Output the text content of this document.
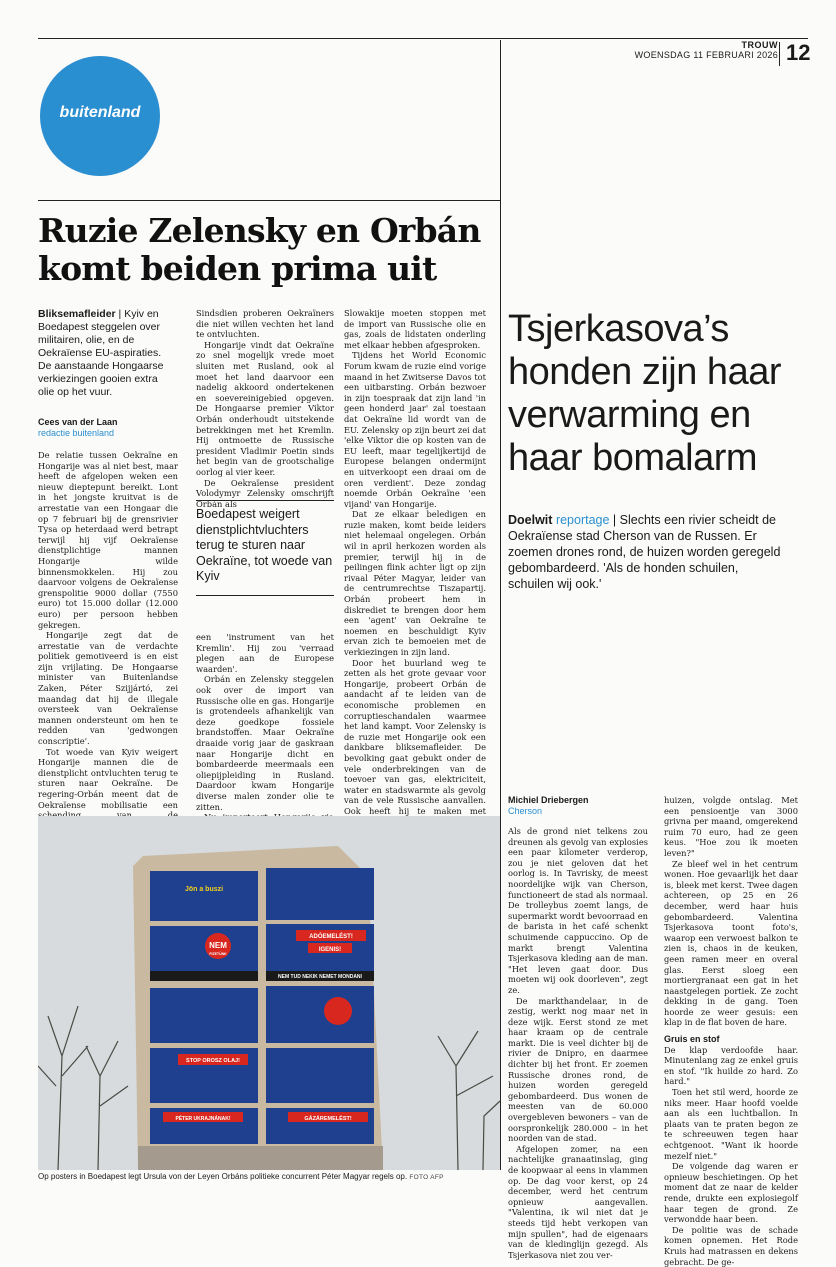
TROUW
WOENSDAG 11 FEBRUARI 2026 12
buitenland
Ruzie Zelensky en Orbán
komt beiden prima uit
Bliksemafleider | Kyiv en Boedapest steggelen over militairen, olie, en de Oekraïense EU-aspiraties. De aanstaande Hongaarse verkiezingen gooien extra olie op het vuur.
Cees van der Laan
redactie buitenland

De relatie tussen Oekraïne en Hongarije was al niet best, maar heeft de afgelopen weken een nieuw dieptepunt bereikt. Lont in het jongste kruitvat is de arrestatie van een Hongaar die op 7 februari bij de grensrivier Tysa op heterdaad werd betrapt terwijl hij vijf Oekraïense dienstplichtige mannen Hongarije wilde binnensmokkelen. Hij zou daarvoor volgens de Oekraïense grenspolitie 9000 dollar (7550 euro) tot 15.000 dollar (12.000 euro) per persoon hebben gekregen.

Hongarije zegt dat de arrestatie van de verdachte politiek gemotiveerd is en eist zijn vrijlating. De Hongaarse minister van Buitenlandse Zaken, Péter Szijjártó, zei maandag dat hij de illegale oversteek van Oekraïense mannen ondersteunt om hen te redden van 'gedwongen conscriptie'.

Tot woede van Kyiv weigert Hongarije mannen die de dienstplicht ontvluchten terug te sturen naar Oekraïne. De regering-Orbán meent dat de Oekraïense mobilisatie een

Sindsdien proberen Oekraïners die niet willen vechten het land te ontvluchten.

Hongarije vindt dat Oekraïne zo snel mogelijk vrede moet sluiten met Rusland, ook al moet het land daarvoor een nadelig akkoord ondertekenen en soevereinigebied opgeven. De Hongaarse premier Viktor Orbán onderhoudt uitstekende betrekkingen met het Kremlin. Hij ontmoette de Russische president Vladimir Poetin sinds het begin van de grootschalige oorlog al vier keer.

De Oekraïense president Volodymyr Zelensky omschrijft Orbán als

Boedapest weigert dienstplichtvluchters terug te sturen naar Oekraïne, tot woede van Kyiv

een 'instrument van het Kremlin'. Hij zou 'verraad plegen aan de Europese waarden'.

Orbán en Zelensky steggelen ook over de import van Russische olie en gas. Hongarije is grotendeels afhankelijk van deze goedkope fossiele brandstoffen. Maar Oekraïne draaide vorig jaar de gaskraan naar Hongarije dicht en bombardeerde meermaals een oliepijpleiding in Rusland. Daardoor kwam Hongarije diverse malen zonder olie te zitten.

Slowakije moeten stoppen met de import van Russische olie en gas, zoals de lidstaten onderling met elkaar hebben afgesproken.

Tijdens het World Economic Forum kwam de ruzie eind vorige maand in het Zwitserse Davos tot een uitbarsting. Orbán bezwoer in zijn toespraak dat zijn land 'in geen honderd jaar' zal toestaan dat Oekraïne lid wordt van de EU. Zelensky op zijn beurt zei dat 'elke Viktor die op kosten van de EU leeft, maar tegelijkertijd de Europese belangen ondermijnt en uitverkoopt een draai om de oren verdient'. Deze zondag noemde Orbán Oekraïne 'een vijand' van Hongarije.

Dat ze elkaar beledigen en ruzie maken, komt beide leiders niet helemaal ongelegen. Orbán wil in april herkozen worden als premier, terwijl hij in de peilingen flink achter ligt op zijn rivaal Péter Magyar, leider van de centrumrechtse Tiszapartij. Orbán probeert hem in diskrediet te brengen door hem een 'agent' van Oekraïne te noemen en beschuldigt Kyiv ervan zich te bemoeien met de verkiezingen in zijn land.

Door het buurland weg te zetten als het grote gevaar voor Hongarije, probeert Orbán de aandacht af te leiden van de economische problemen en corruptieschandalen waarmee het land kampt. Voor Zelensky is de ruzie met Hongarije ook een dankbare bliksemafleider. De bevolking gaat gebukt onder de vele onderbrekingen van de toevoer van gas, elektriciteit, water en stadswarmte als gevolg van de vele Russische aanvallen. Ook heeft hij te maken met

Tsjerkasova’s
honden zijn haar
verwarming en
haar bomalarm
Doelwit reportage | Slechts een rivier scheidt de Oekraïense stad Cherson van de Russen. Er zoemen drones rond, de huizen worden geregeld gebombardeerd. 'Als de honden schuilen, schuilen wij ook.'
Michiel Driebergen
Cherson

Als de grond niet telkens zou dreunen als gevolg van explosies een paar kilometer verderop, zou je niet geloven dat het oorlog is. In Tavrisky, de meest noordelijke wijk van Cherson, functioneert de stad als normaal. De trolleybus zoemt langs, de supermarkt wordt bevoorraad en de barista in het café schenkt schuimende cappuccino. Op de markt brengt Valentina Tsjerkasova kleding aan de man. "Het leven gaat door. Dus moeten wij ook doorleven", zegt ze.

De markthandelaar, in de zestig, werkt nog maar net in deze wijk. Eerst stond ze met haar kraam op de centrale markt. Die is veel dichter bij de rivier de Dnipro, en daarmee dichter bij het front. Er zoemen Russische drones rond, de huizen worden geregeld gebombardeerd. Dus wonen de meesten van de 60.000 overgebleven bewoners – van de oorspronkelijk 280.000 – in het noorden van de stad.

Afgelopen zomer, na een nachtelijke granaatinslag, ging de koopwaar al eens in vlammen op. De dag voor kerst, op 24 december, werd het centrum opnieuw aangevallen. "Valentina, ik wil niet dat je steeds tijd hebt verkopen van mijn spullen", had de eigenaars van de kledinglijn gezegd. Als Tsjerkasova niet zou ver-

huizen, volgde ontslag. Met een pensioentje van 3000 grivna per maand, omgerekend ruim 70 euro, had ze geen keus. "Hoe zou ik moeten leven?"

Ze bleef wel in het centrum wonen. Hoe gevaarlijk het daar is, bleek met kerst. Twee dagen achtereen, op 25 en 26 december, werd haar huis gebombardeerd. Valentina Tsjerkasova toont foto's, waarop een verwoest balkon te zien is, chaos in de keuken, geen ramen meer en overal glas. Eerst sloeg een mortiergranaat een gat in het naastgelegen portiek. Ze zocht dekking in de gang. Toen hoorde ze weer gesuis: een klap in de flat boven de hare.

Gruis en stof

De klap verdoofde haar. Minutenlang zag ze enkel gruis en stof. "Ik huilde zo hard. Zo hard."

Toen het stil werd, hoorde ze niks meer. Haar hoofd voelde aan als een luchtballon. In plaats van te praten begon ze te schreeuwen tegen haar echtgenoot. "Want ik hoorde mezelf niet."

De volgende dag waren er opnieuw beschietingen. Op het moment dat ze naar de kelder rende, drukte een explosiegolf haar tegen de grond. Ze verwondde haar been.

De politie was de schade komen opnemen. Het Rode Kruis had matrassen en dekens gebracht. De ge-

Jön a buszi
NEM
FIZETÜNK
ADÓEMELÉST!
IGENIS!
NEM TUD NEKIK NEMET MONDANI
STOP OROSZ OLAJ!
PÉTER UKRAJNÁNAK!	GÁZÁREMELÉST!
Op posters in Boedapest legt Ursula von der Leyen Orbáns politieke concurrent Péter Magyar regels op. FOTO AFP
